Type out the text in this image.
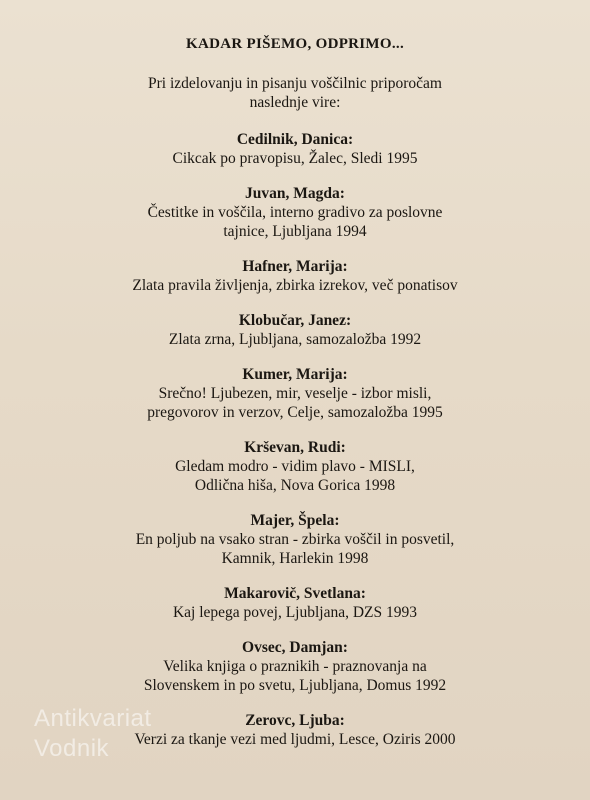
KADAR PIŠEMO, ODPRIMO...
Pri izdelovanju in pisanju voščilnic priporočam
naslednje vire:
Cedilnik, Danica:
Cikcak po pravopisu, Žalec, Sledi 1995
Juvan, Magda:
Čestitke in voščila, interno gradivo za poslovne
tajnice, Ljubljana 1994
Hafner, Marija:
Zlata pravila življenja, zbirka izrekov, več ponatisov
Klobučar, Janez:
Zlata zrna, Ljubljana, samozaložba 1992
Kumer, Marija:
Srečno! Ljubezen, mir, veselje - izbor misli,
pregovorov in verzov, Celje, samozaložba 1995
Krševan, Rudi:
Gledam modro - vidim plavo - MISLI,
Odlična hiša, Nova Gorica 1998
Majer, Špela:
En poljub na vsako stran - zbirka voščil in posvetil,
Kamnik, Harlekin 1998
Makarovič, Svetlana:
Kaj lepega povej, Ljubljana, DZS 1993
Ovsec, Damjan:
Velika knjiga o praznikih - praznovanja na
Slovenskem in po svetu, Ljubljana, Domus 1992
Zerovc, Ljuba:
Verzi za tkanje vezi med ljudmi, Lesce, Oziris 2000
Antikvariat
Vodnik
